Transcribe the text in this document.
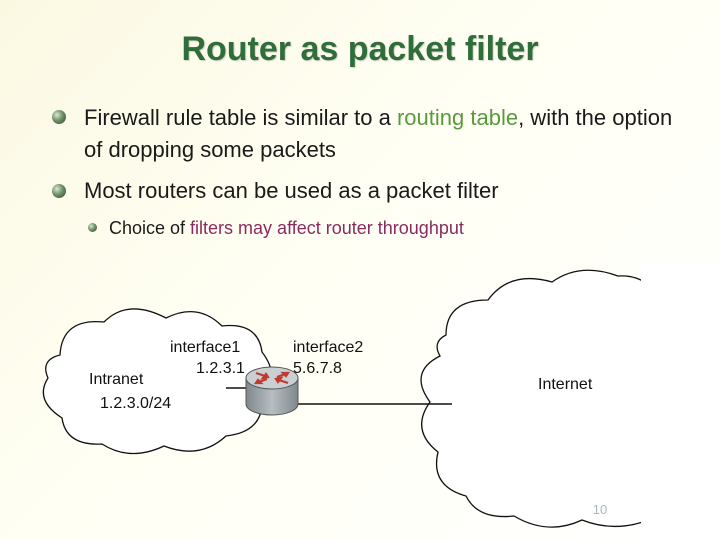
Router as packet filter
Firewall rule table is similar to a routing table, with the option of dropping some packets
Most routers can be used as a packet filter
Choice of filters may affect router throughput
10
interface1
1.2.3.1
Intranet
1.2.3.0/24
interface2
5.6.7.8
Internet
